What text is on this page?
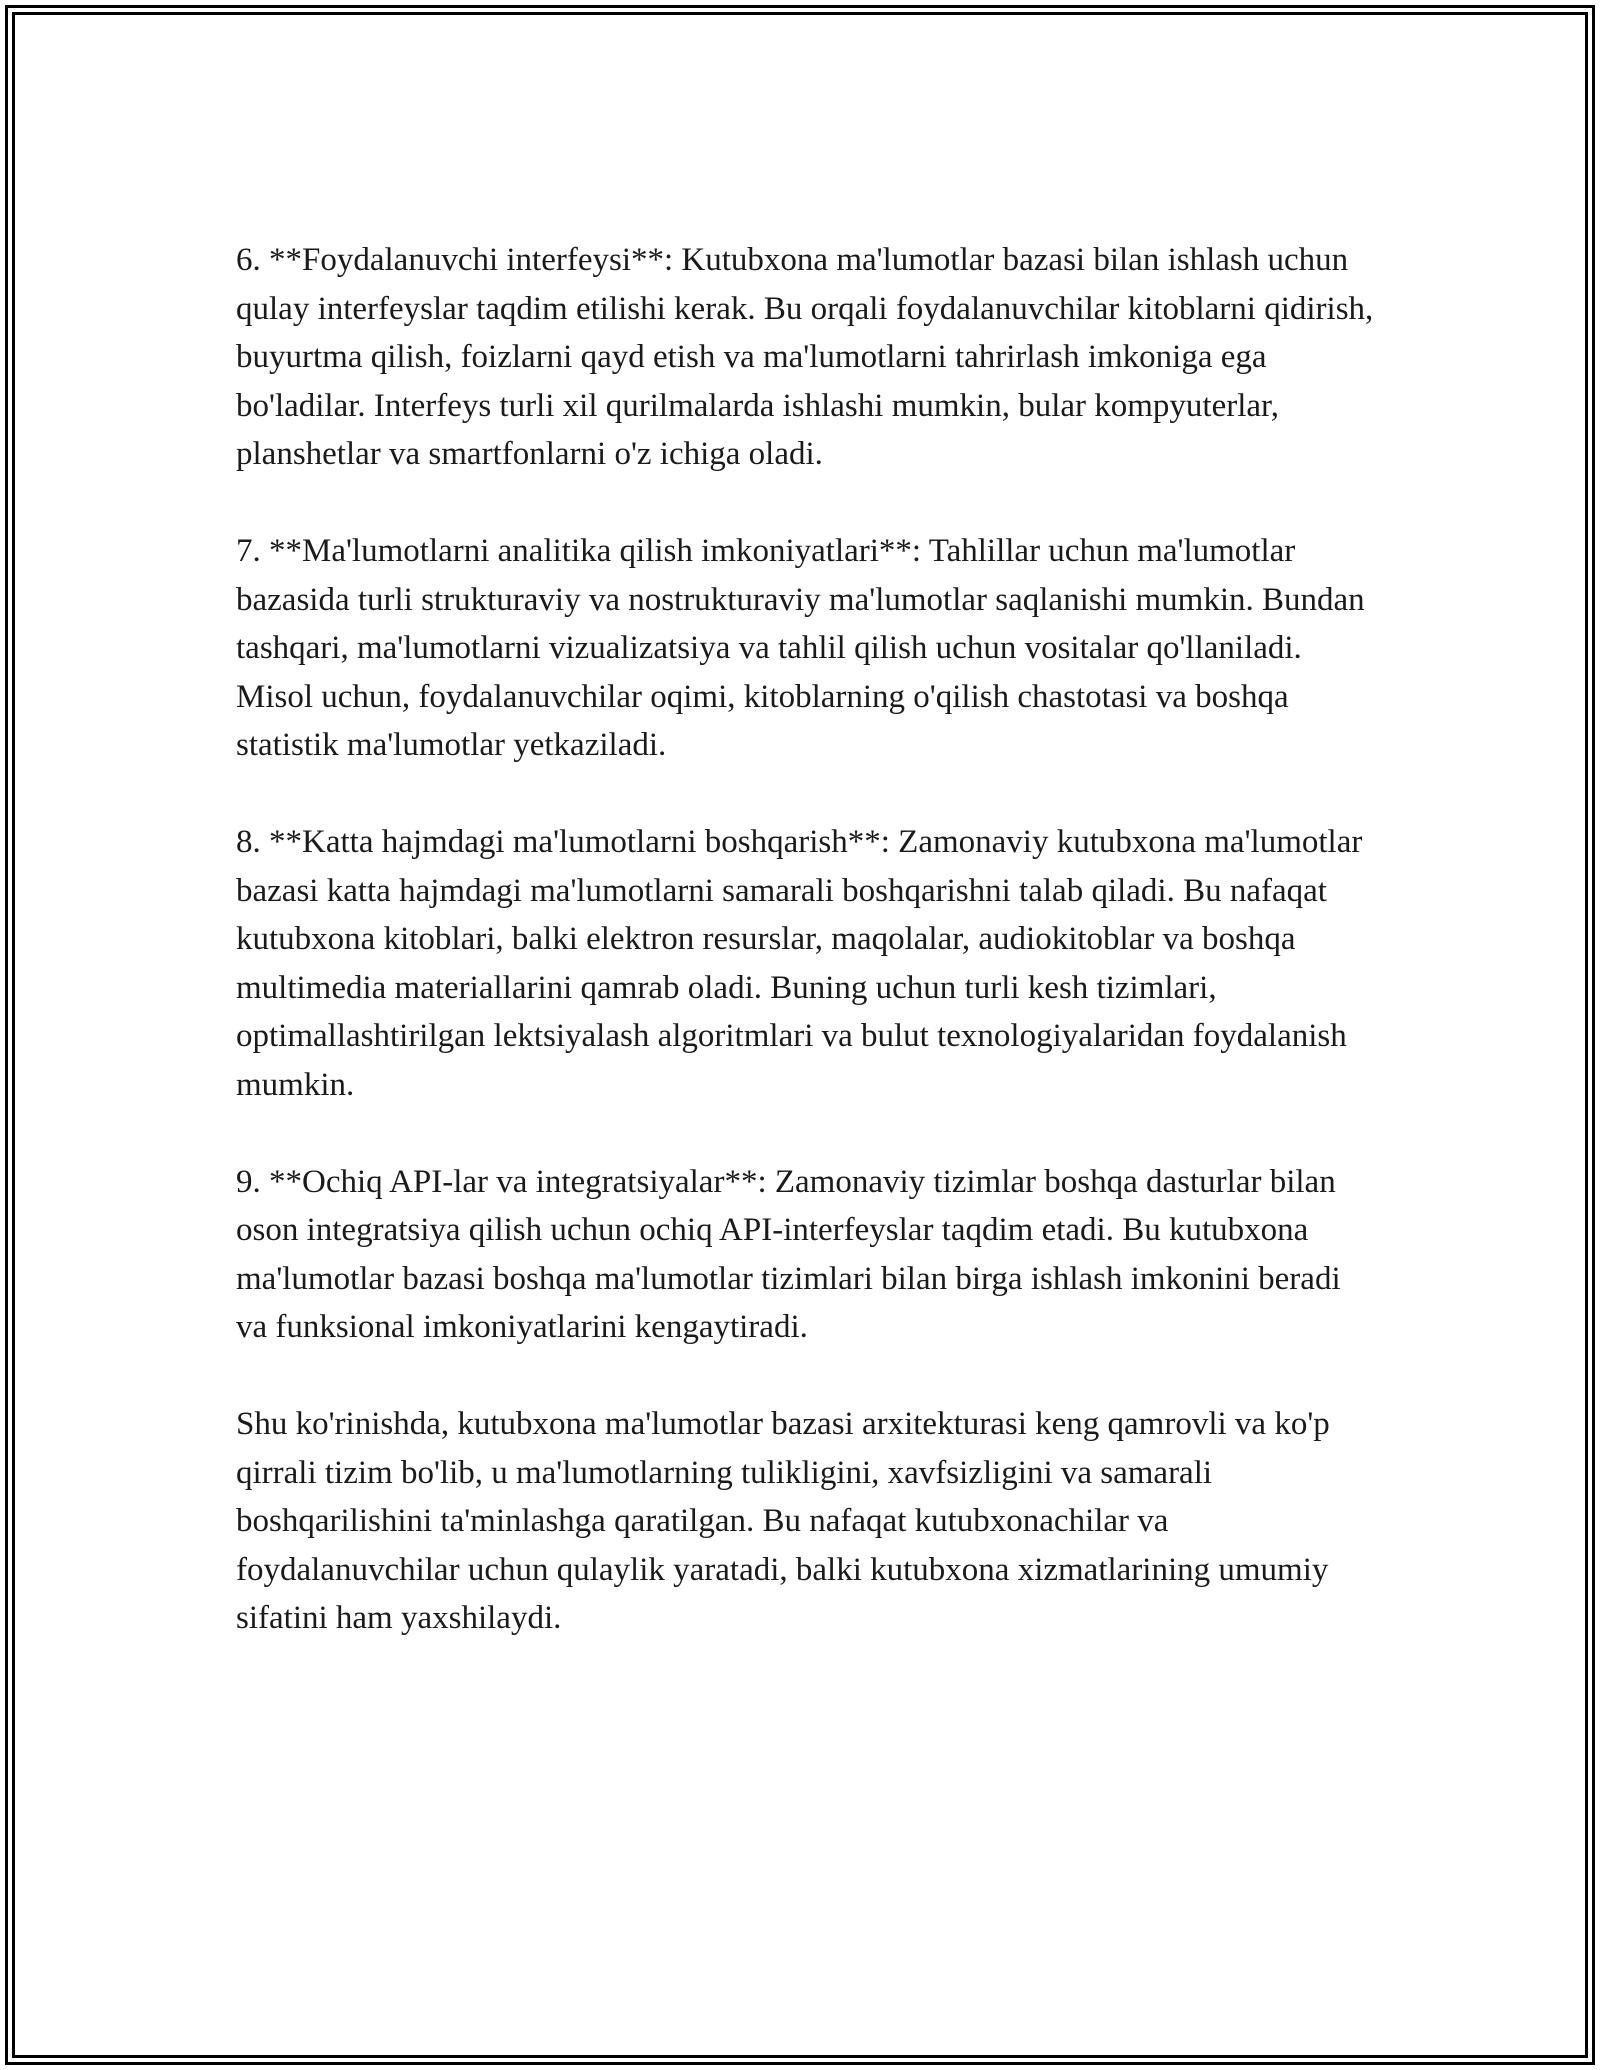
6. **Foydalanuvchi interfeysi**: Kutubxona ma'lumotlar bazasi bilan ishlash uchun qulay interfeyslar taqdim etilishi kerak. Bu orqali foydalanuvchilar kitoblarni qidirish, buyurtma qilish, foizlarni qayd etish va ma'lumotlarni tahrirlash imkoniga ega bo'ladilar. Interfeys turli xil qurilmalarda ishlashi mumkin, bular kompyuterlar, planshetlar va smartfonlarni o'z ichiga oladi.

7. **Ma'lumotlarni analitika qilish imkoniyatlari**: Tahlillar uchun ma'lumotlar bazasida turli strukturaviy va nostrukturaviy ma'lumotlar saqlanishi mumkin. Bundan tashqari, ma'lumotlarni vizualizatsiya va tahlil qilish uchun vositalar qo'llaniladi. Misol uchun, foydalanuvchilar oqimi, kitoblarning o'qilish chastotasi va boshqa statistik ma'lumotlar yetkaziladi.

8. **Katta hajmdagi ma'lumotlarni boshqarish**: Zamonaviy kutubxona ma'lumotlar bazasi katta hajmdagi ma'lumotlarni samarali boshqarishni talab qiladi. Bu nafaqat kutubxona kitoblari, balki elektron resurslar, maqolalar, audiokitoblar va boshqa multimedia materiallarini qamrab oladi. Buning uchun turli kesh tizimlari, optimallashtirilgan lektsiyalash algoritmlari va bulut texnologiyalaridan foydalanish mumkin.

9. **Ochiq API-lar va integratsiyalar**: Zamonaviy tizimlar boshqa dasturlar bilan oson integratsiya qilish uchun ochiq API-interfeyslar taqdim etadi. Bu kutubxona ma'lumotlar bazasi boshqa ma'lumotlar tizimlari bilan birga ishlash imkonini beradi va funksional imkoniyatlarini kengaytiradi.

Shu ko'rinishda, kutubxona ma'lumotlar bazasi arxitekturasi keng qamrovli va ko'p qirrali tizim bo'lib, u ma'lumotlarning tulikligini, xavfsizligini va samarali boshqarilishini ta'minlashga qaratilgan. Bu nafaqat kutubxonachilar va foydalanuvchilar uchun qulaylik yaratadi, balki kutubxona xizmatlarining umumiy sifatini ham yaxshilaydi.
